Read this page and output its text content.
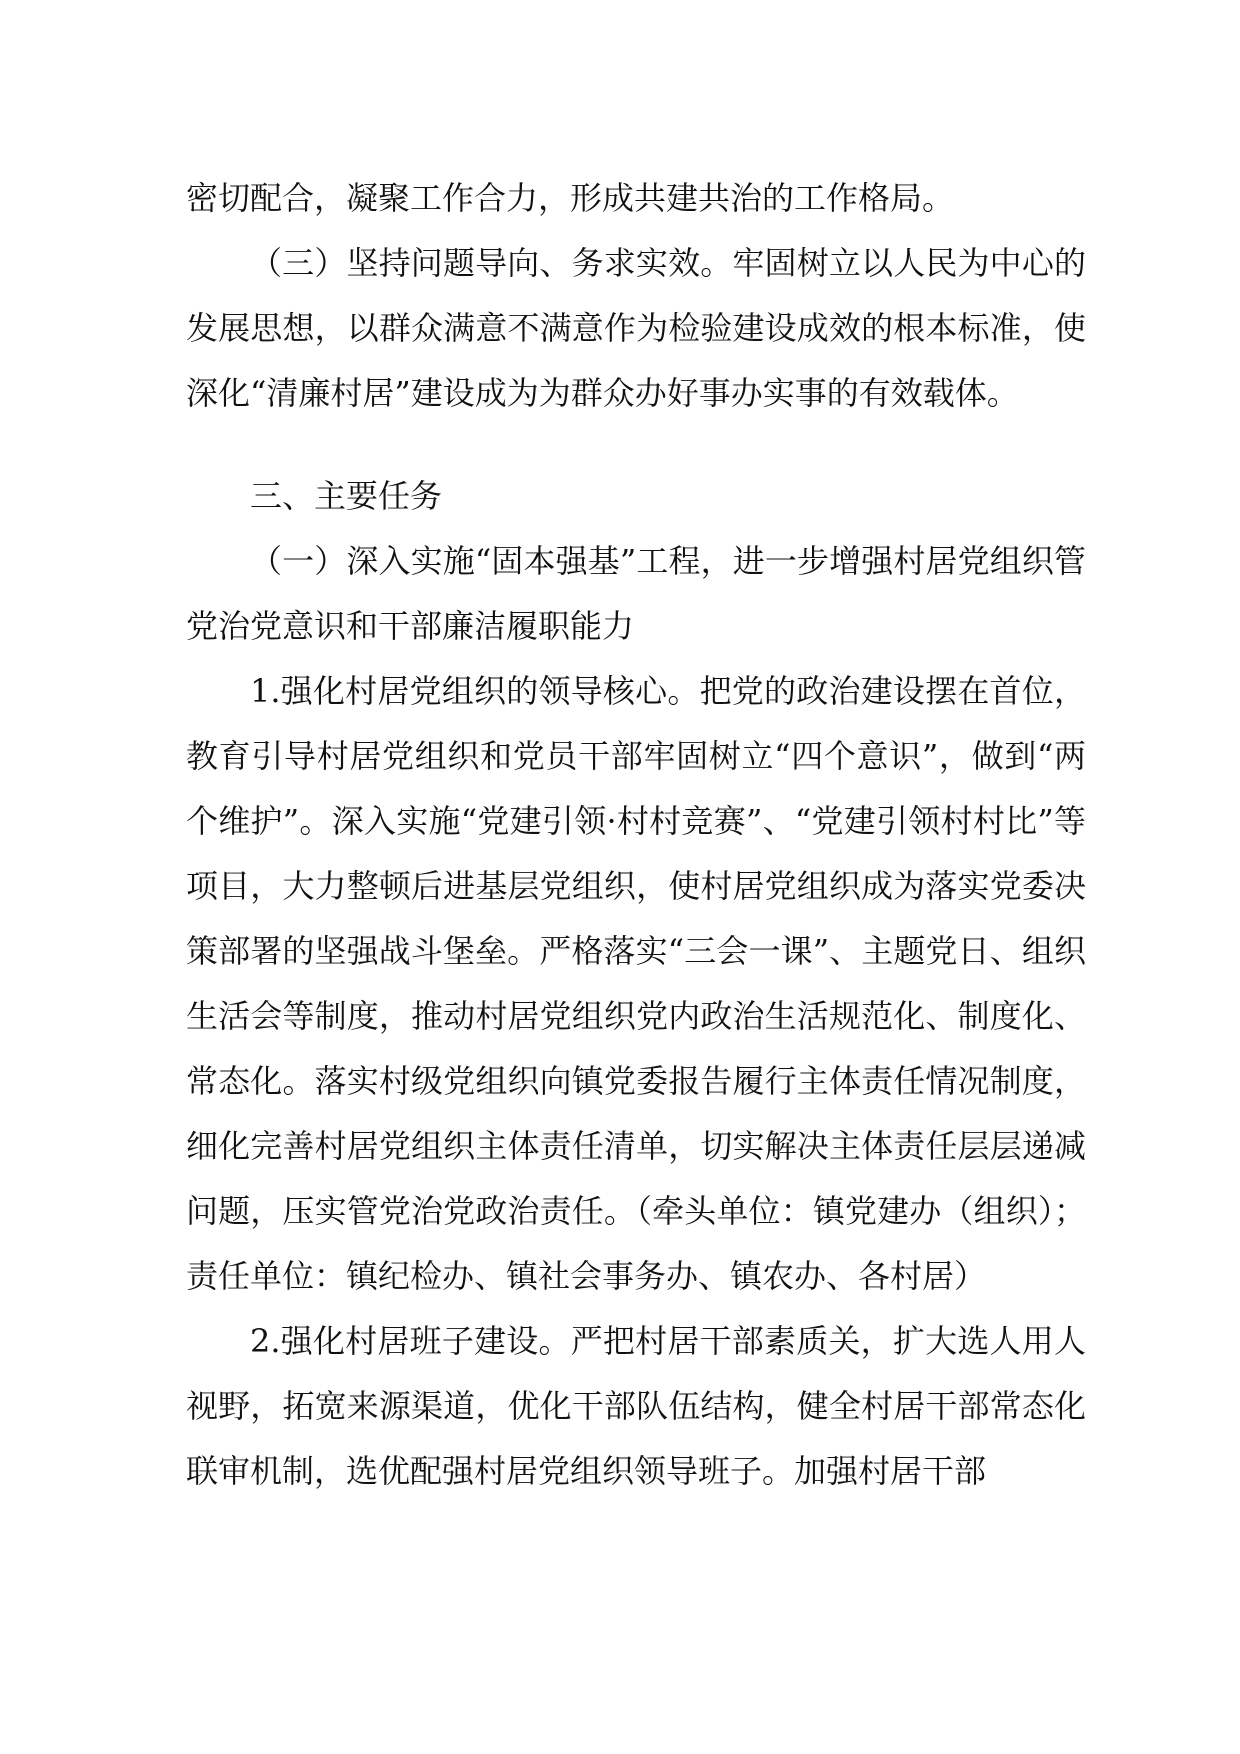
密切配合，凝聚工作合力，形成共建共治的工作格局。

（三）坚持问题导向、务求实效。牢固树立以人民为中心的发展思想，以群众满意不满意作为检验建设成效的根本标准，使深化“清廉村居”建设成为为群众办好事办实事的有效载体。

三、主要任务

（一）深入实施“固本强基”工程，进一步增强村居党组织管党治党意识和干部廉洁履职能力

1.强化村居党组织的领导核心。把党的政治建设摆在首位，教育引导村居党组织和党员干部牢固树立“四个意识”，做到“两个维护”。深入实施“党建引领·村村竞赛”、“党建引领村村比”等项目，大力整顿后进基层党组织，使村居党组织成为落实党委决策部署的坚强战斗堡垒。严格落实“三会一课”、主题党日、组织生活会等制度，推动村居党组织党内政治生活规范化、制度化、常态化。落实村级党组织向镇党委报告履行主体责任情况制度，细化完善村居党组织主体责任清单，切实解决主体责任层层递减问题，压实管党治党政治责任。（牵头单位：镇党建办（组织）；责任单位：镇纪检办、镇社会事务办、镇农办、各村居）

2.强化村居班子建设。严把村居干部素质关，扩大选人用人视野，拓宽来源渠道，优化干部队伍结构，健全村居干部常态化联审机制，选优配强村居党组织领导班子。加强村居干部
